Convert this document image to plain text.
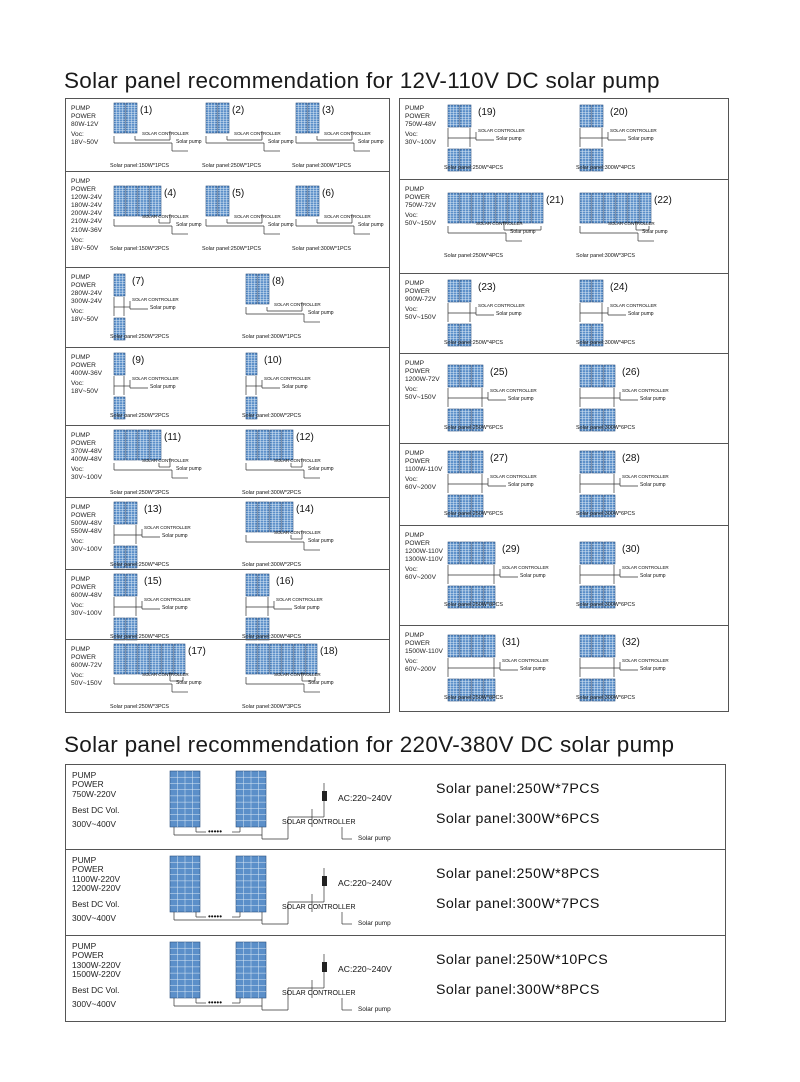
Solar panel recommendation for 12V-110V DC solar pump
Solar panel recommendation for 220V-380V DC solar pump
PUMP
POWER
80W-12V
Voc:
18V~50V
SOLAR CONTROLLER
Solar pump
(1)
Solar panel:150W*1PCS
SOLAR CONTROLLER
Solar pump
(2)
Solar panel:250W*1PCS
SOLAR CONTROLLER
Solar pump
(3)
Solar panel:300W*1PCS
PUMP
POWER
120W-24V
180W-24V
200W-24V
210W-24V
210W-36V
Voc:
18V~50V
SOLAR CONTROLLER
Solar pump
(4)
Solar panel:150W*2PCS
SOLAR CONTROLLER
Solar pump
(5)
Solar panel:250W*1PCS
SOLAR CONTROLLER
Solar pump
(6)
Solar panel:300W*1PCS
PUMP
POWER
280W-24V
300W-24V
Voc:
18V~50V
SOLAR CONTROLLER
Solar pump
(7)
Solar panel:250W*2PCS
SOLAR CONTROLLER
Solar pump
(8)
Solar panel:300W*1PCS
PUMP
POWER
400W-36V
Voc:
18V~50V
SOLAR CONTROLLER
Solar pump
(9)
Solar panel:250W*2PCS
SOLAR CONTROLLER
Solar pump
(10)
Solar panel:300W*2PCS
PUMP
POWER
370W-48V
400W-48V
Voc:
30V~100V
SOLAR CONTROLLER
Solar pump
(11)
Solar panel:250W*2PCS
SOLAR CONTROLLER
Solar pump
(12)
Solar panel:300W*2PCS
PUMP
POWER
500W-48V
550W-48V
Voc:
30V~100V
SOLAR CONTROLLER
Solar pump
(13)
Solar panel:250W*4PCS
SOLAR CONTROLLER
Solar pump
(14)
Solar panel:300W*2PCS
PUMP
POWER
600W-48V
Voc:
30V~100V
SOLAR CONTROLLER
Solar pump
(15)
Solar panel:250W*4PCS
SOLAR CONTROLLER
Solar pump
(16)
Solar panel:300W*4PCS
PUMP
POWER
600W-72V
Voc:
50V~150V
SOLAR CONTROLLER
Solar pump
(17)
Solar panel:250W*3PCS
SOLAR CONTROLLER
Solar pump
(18)
Solar panel:300W*3PCS
PUMP
POWER
750W-48V
Voc:
30V~100V
SOLAR CONTROLLER
Solar pump
(19)
Solar panel:250W*4PCS
SOLAR CONTROLLER
Solar pump
(20)
Solar panel:300W*4PCS
PUMP
POWER
750W-72V
Voc:
50V~150V	SOLAR CONTROLLER
Solar pump
(21)
Solar panel:250W*4PCS
SOLAR CONTROLLER
Solar pump
(22)
Solar panel:300W*3PCS
PUMP
POWER
900W-72V
Voc:
50V~150V
SOLAR CONTROLLER
Solar pump
(23)
Solar panel:250W*4PCS
SOLAR CONTROLLER
Solar pump
(24)
Solar panel:300W*4PCS
PUMP
POWER
1200W-72V
Voc:
50V~150V
SOLAR CONTROLLER
Solar pump
(25)
Solar panel:250W*6PCS
SOLAR CONTROLLER
Solar pump
(26)
Solar panel:300W*6PCS
PUMP
POWER
1100W-110V
Voc:
60V~200V
SOLAR CONTROLLER
Solar pump
(27)
Solar panel:250W*6PCS
SOLAR CONTROLLER
Solar pump
(28)
Solar panel:300W*6PCS
PUMP
POWER
1200W-110V
1300W-110V
Voc:
60V~200V
SOLAR CONTROLLER
Solar pump
(29)
Solar panel:250W*8PCS
SOLAR CONTROLLER
Solar pump
(30)
Solar panel:300W*6PCS
PUMP
POWER
1500W-110V
Voc:
60V~200V
SOLAR CONTROLLER
Solar pump
(31)
Solar panel:250W*8PCS
SOLAR CONTROLLER
Solar pump
(32)
Solar panel:300W*6PCS
PUMP
POWER
750W-220V
Best DC Vol.
300V~400V
•••••
SOLAR CONTROLLER
Solar pump
AC:220~240V
Solar panel:250W*7PCS
Solar panel:300W*6PCS
PUMP
POWER
1100W-220V
1200W-220V
Best DC Vol.
300V~400V	•••••
SOLAR CONTROLLER
Solar pump
AC:220~240V
Solar panel:250W*8PCS
Solar panel:300W*7PCS
PUMP
POWER
1300W-220V
1500W-220V
Best DC Vol.
300V~400V	•••••
SOLAR CONTROLLER
Solar pump
AC:220~240V
Solar panel:250W*10PCS
Solar panel:300W*8PCS
